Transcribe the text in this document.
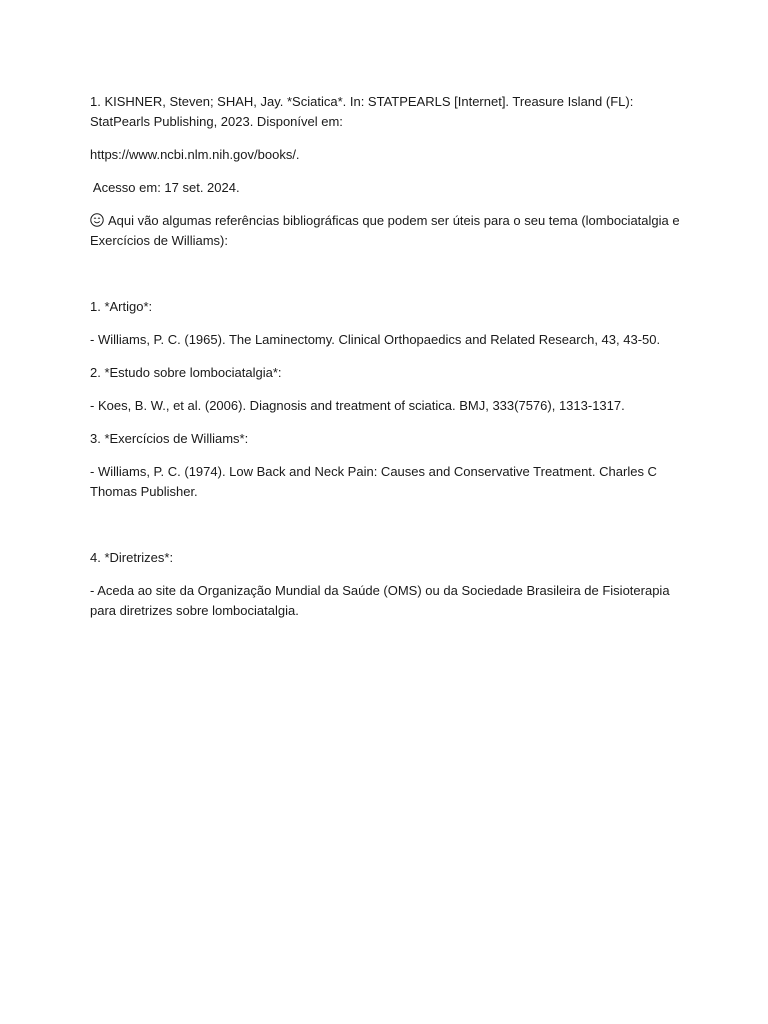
1. KISHNER, Steven; SHAH, Jay. *Sciatica*. In: STATPEARLS [Internet]. Treasure Island (FL): StatPearls Publishing, 2023. Disponível em:

https://www.ncbi.nlm.nih.gov/books/.

Acesso em: 17 set. 2024.

Aqui vão algumas referências bibliográficas que podem ser úteis para o seu tema (lombociatalgia e Exercícios de Williams):

1. *Artigo*:

- Williams, P. C. (1965). The Laminectomy. Clinical Orthopaedics and Related Research, 43, 43-50.

2. *Estudo sobre lombociatalgia*:

- Koes, B. W., et al. (2006). Diagnosis and treatment of sciatica. BMJ, 333(7576), 1313-1317.

3. *Exercícios de Williams*:

- Williams, P. C. (1974). Low Back and Neck Pain: Causes and Conservative Treatment. Charles C Thomas Publisher.

4. *Diretrizes*:

- Aceda ao site da Organização Mundial da Saúde (OMS) ou da Sociedade Brasileira de Fisioterapia para diretrizes sobre lombociatalgia.
